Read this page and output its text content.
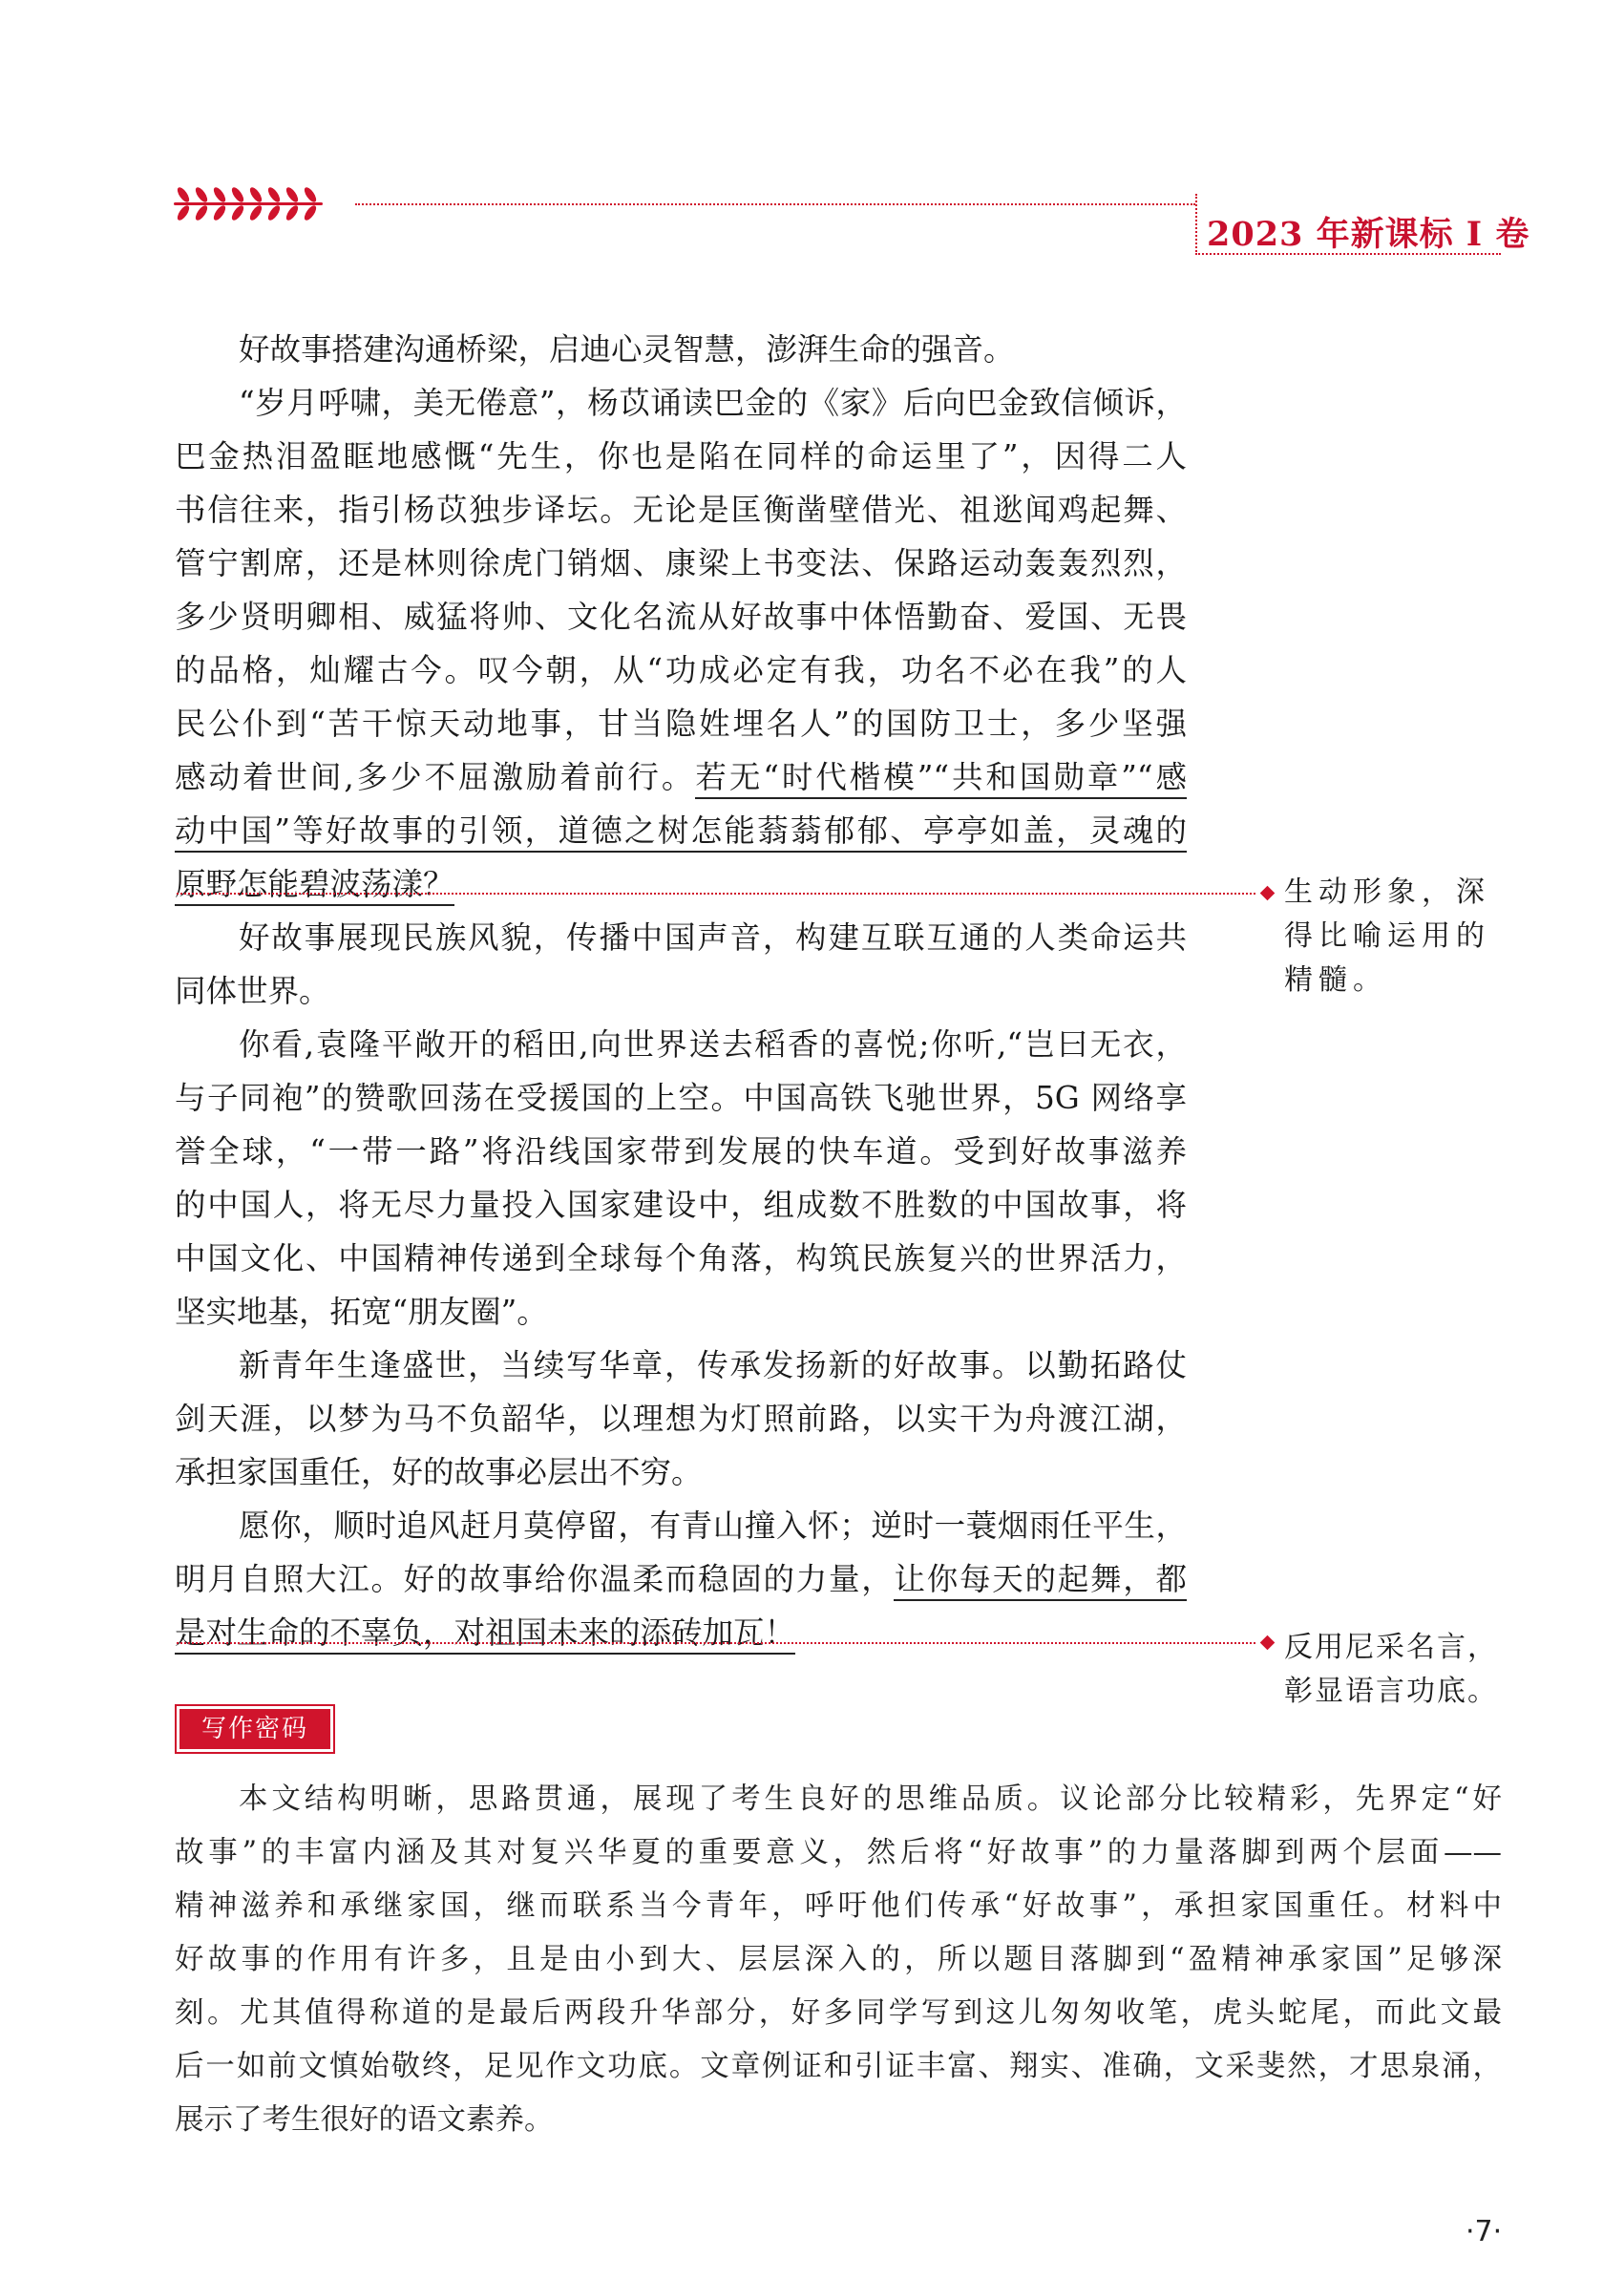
2023 年新课标 I 卷
好故事搭建沟通桥梁，启迪心灵智慧，澎湃生命的强音。
“岁月呼啸，美无倦意”，杨苡诵读巴金的《家》后向巴金致信倾诉，
巴金热泪盈眶地感慨“先生，你也是陷在同样的命运里了”，因得二人
书信往来，指引杨苡独步译坛。无论是匡衡凿壁借光、祖逖闻鸡起舞、
管宁割席，还是林则徐虎门销烟、康梁上书变法、保路运动轰轰烈烈，
多少贤明卿相、威猛将帅、文化名流从好故事中体悟勤奋、爱国、无畏
的品格，灿耀古今。叹今朝，从“功成必定有我，功名不必在我”的人
民公仆到“苦干惊天动地事，甘当隐姓埋名人”的国防卫士，多少坚强
感动着世间,多少不屈激励着前行。若无“时代楷模”“共和国勋章”“感
动中国”等好故事的引领，道德之树怎能蓊蓊郁郁、亭亭如盖，灵魂的
原野怎能碧波荡漾？
好故事展现民族风貌，传播中国声音，构建互联互通的人类命运共
同体世界。
你看,袁隆平敞开的稻田,向世界送去稻香的喜悦;你听,“岂曰无衣，
与子同袍”的赞歌回荡在受援国的上空。中国高铁飞驰世界，5G 网络享
誉全球，“一带一路”将沿线国家带到发展的快车道。受到好故事滋养
的中国人，将无尽力量投入国家建设中，组成数不胜数的中国故事，将
中国文化、中国精神传递到全球每个角落，构筑民族复兴的世界活力，
坚实地基，拓宽“朋友圈”。
新青年生逢盛世，当续写华章，传承发扬新的好故事。以勤拓路仗
剑天涯，以梦为马不负韶华，以理想为灯照前路，以实干为舟渡江湖，
承担家国重任，好的故事必层出不穷。
愿你，顺时追风赶月莫停留，有青山撞入怀；逆时一蓑烟雨任平生，
明月自照大江。好的故事给你温柔而稳固的力量，让你每天的起舞，都
是对生命的不辜负，对祖国未来的添砖加瓦！
生动形象，深
得比喻运用的
精髓。
反用尼采名言，
彰显语言功底。
写作密码
本文结构明晰，思路贯通，展现了考生良好的思维品质。议论部分比较精彩，先界定“好
故事”的丰富内涵及其对复兴华夏的重要意义，然后将“好故事”的力量落脚到两个层面——
精神滋养和承继家国，继而联系当今青年，呼吁他们传承“好故事”，承担家国重任。材料中
好故事的作用有许多，且是由小到大、层层深入的，所以题目落脚到“盈精神承家国”足够深
刻。尤其值得称道的是最后两段升华部分，好多同学写到这儿匆匆收笔，虎头蛇尾，而此文最
后一如前文慎始敬终，足见作文功底。文章例证和引证丰富、翔实、准确，文采斐然，才思泉涌，
展示了考生很好的语文素养。
·7·
